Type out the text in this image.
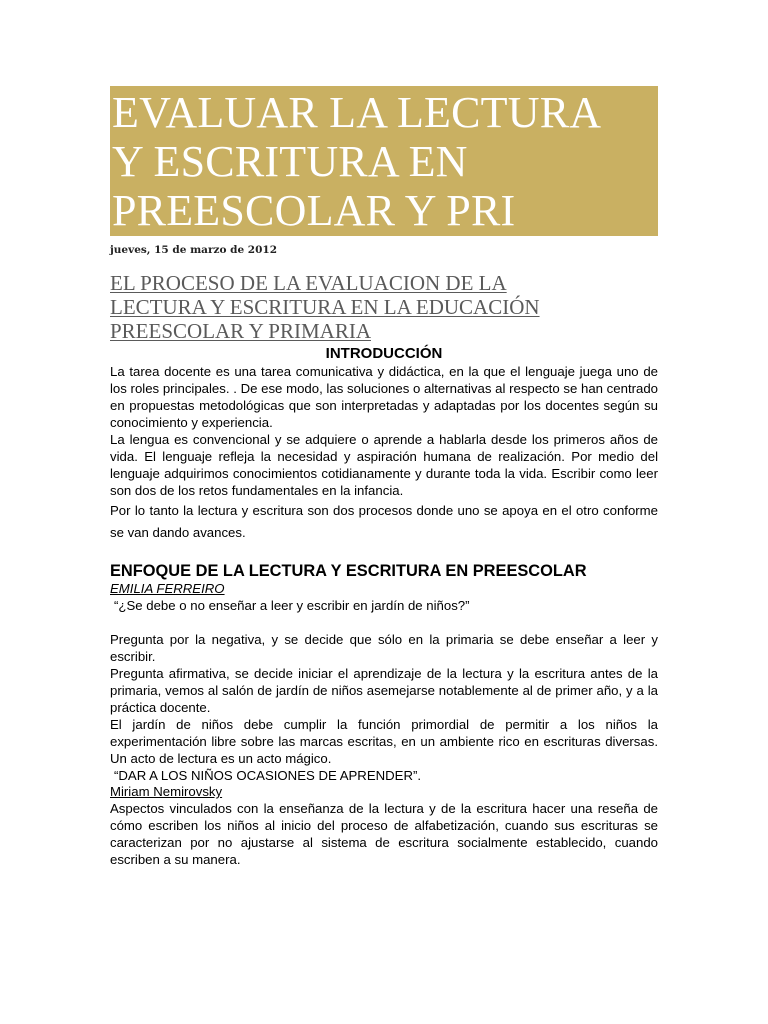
EVALUAR LA LECTURA
Y ESCRITURA EN
PREESCOLAR Y PRI
jueves, 15 de marzo de 2012
EL PROCESO DE LA EVALUACION DE LA
LECTURA Y ESCRITURA EN LA EDUCACIÓN
PREESCOLAR Y PRIMARIA
INTRODUCCIÓN

La tarea docente es una tarea comunicativa y didáctica, en la que el lenguaje juega uno de los roles principales. . De ese modo, las soluciones o alternativas al respecto se han centrado en propuestas metodológicas que son interpretadas y adaptadas por los docentes según su conocimiento y experiencia.

La lengua es convencional y se adquiere o aprende a hablarla desde los primeros años de vida. El lenguaje refleja la necesidad y aspiración humana de realización. Por medio del lenguaje adquirimos conocimientos cotidianamente y durante toda la vida. Escribir como leer son dos de los retos fundamentales en la infancia.

Por lo tanto la lectura y escritura son dos procesos donde uno se apoya en el otro conforme se van dando avances.

ENFOQUE DE LA LECTURA Y ESCRITURA EN PREESCOLAR
EMILIA FERREIRO
“¿Se debe o no enseñar a leer y escribir en jardín de niños?”

Pregunta por la negativa, y se decide que sólo en la primaria se debe enseñar a leer y escribir.

Pregunta afirmativa, se decide iniciar el aprendizaje de la lectura y la escritura antes de la primaria, vemos al salón de jardín de niños asemejarse notablemente al de primer año, y a la práctica docente.

El jardín de niños debe cumplir la función primordial de permitir a los niños la experimentación libre sobre las marcas escritas, en un ambiente rico en escrituras diversas. Un acto de lectura es un acto mágico.

“DAR A LOS NIÑOS OCASIONES DE APRENDER”.
Miriam Nemirovsky

Aspectos vinculados con la enseñanza de la lectura y de la escritura hacer una reseña de cómo escriben los niños al inicio del proceso de alfabetización, cuando sus escrituras se caracterizan por no ajustarse al sistema de escritura socialmente establecido, cuando escriben a su manera.
